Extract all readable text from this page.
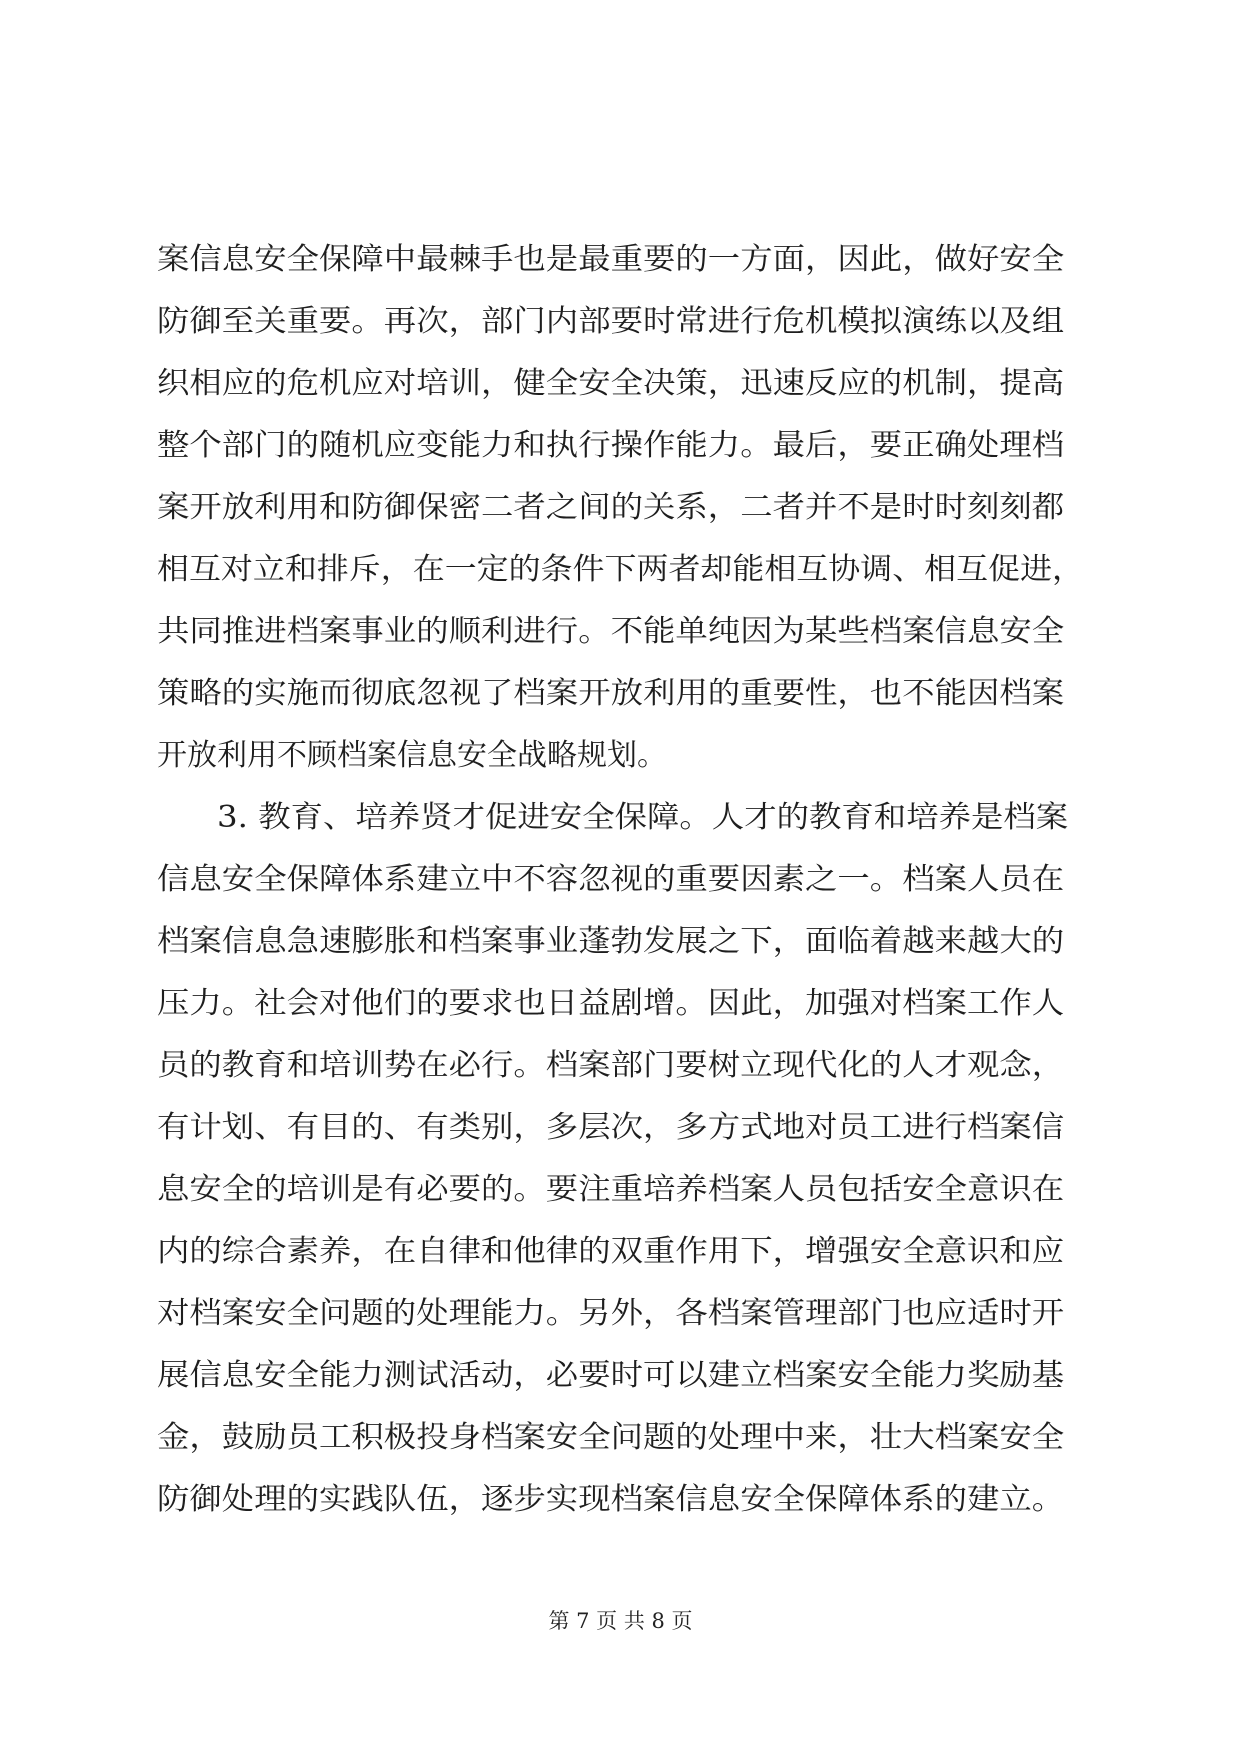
案信息安全保障中最棘手也是最重要的一方面，因此，做好安全
防御至关重要。再次，部门内部要时常进行危机模拟演练以及组
织相应的危机应对培训，健全安全决策，迅速反应的机制，提高
整个部门的随机应变能力和执行操作能力。最后，要正确处理档
案开放利用和防御保密二者之间的关系，二者并不是时时刻刻都
相互对立和排斥，在一定的条件下两者却能相互协调、相互促进，
共同推进档案事业的顺利进行。不能单纯因为某些档案信息安全
策略的实施而彻底忽视了档案开放利用的重要性，也不能因档案
开放利用不顾档案信息安全战略规划。
3. 教育、培养贤才促进安全保障。人才的教育和培养是档案
信息安全保障体系建立中不容忽视的重要因素之一。档案人员在
档案信息急速膨胀和档案事业蓬勃发展之下，面临着越来越大的
压力。社会对他们的要求也日益剧增。因此，加强对档案工作人
员的教育和培训势在必行。档案部门要树立现代化的人才观念，
有计划、有目的、有类别，多层次，多方式地对员工进行档案信
息安全的培训是有必要的。要注重培养档案人员包括安全意识在
内的综合素养，在自律和他律的双重作用下，增强安全意识和应
对档案安全问题的处理能力。另外，各档案管理部门也应适时开
展信息安全能力测试活动，必要时可以建立档案安全能力奖励基
金，鼓励员工积极投身档案安全问题的处理中来，壮大档案安全
防御处理的实践队伍，逐步实现档案信息安全保障体系的建立。
第 7 页 共 8 页
